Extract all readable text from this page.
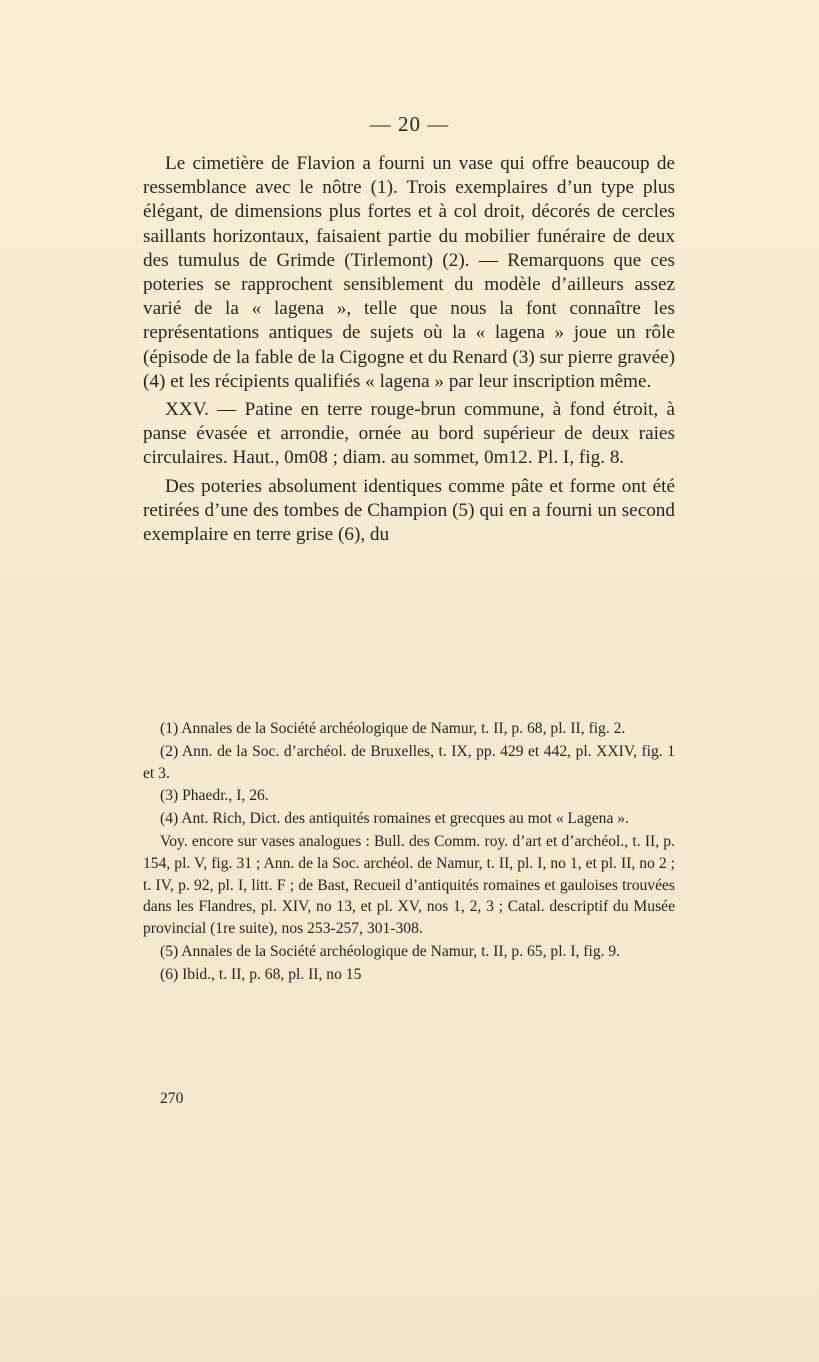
— 20 —

Le cimetière de Flavion a fourni un vase qui offre beaucoup de ressemblance avec le nôtre (1). Trois exemplaires d’un type plus élégant, de dimensions plus fortes et à col droit, décorés de cercles saillants horizontaux, faisaient partie du mobilier funéraire de deux des tumulus de Grimde (Tirlemont) (2). — Remarquons que ces poteries se rapprochent sensiblement du modèle d’ailleurs assez varié de la « lagena », telle que nous la font connaître les représentations antiques de sujets où la « lagena » joue un rôle (épisode de la fable de la Cigogne et du Renard (3) sur pierre gravée) (4) et les récipients qualifiés « lagena » par leur inscription même.

XXV. — Patine en terre rouge-brun commune, à fond étroit, à panse évasée et arrondie, ornée au bord supérieur de deux raies circulaires. Haut., 0m08 ; diam. au sommet, 0m12. Pl. I, fig. 8.

Des poteries absolument identiques comme pâte et forme ont été retirées d’une des tombes de Champion (5) qui en a fourni un second exemplaire en terre grise (6), du

(1) Annales de la Société archéologique de Namur, t. II, p. 68, pl. II, fig. 2.

(2) Ann. de la Soc. d’archéol. de Bruxelles, t. IX, pp. 429 et 442, pl. XXIV, fig. 1 et 3.

(3) Phaedr., I, 26.

(4) Ant. Rich, Dict. des antiquités romaines et grecques au mot « Lagena ».

Voy. encore sur vases analogues : Bull. des Comm. roy. d’art et d’archéol., t. II, p. 154, pl. V, fig. 31 ; Ann. de la Soc. archéol. de Namur, t. II, pl. I, no 1, et pl. II, no 2 ; t. IV, p. 92, pl. I, litt. F ; de Bast, Recueil d’antiquités romaines et gauloises trouvées dans les Flandres, pl. XIV, no 13, et pl. XV, nos 1, 2, 3 ; Catal. descriptif du Musée provincial (1re suite), nos 253-257, 301-308.

(5) Annales de la Société archéologique de Namur, t. II, p. 65, pl. I, fig. 9.

(6) Ibid., t. II, p. 68, pl. II, no 15

270
